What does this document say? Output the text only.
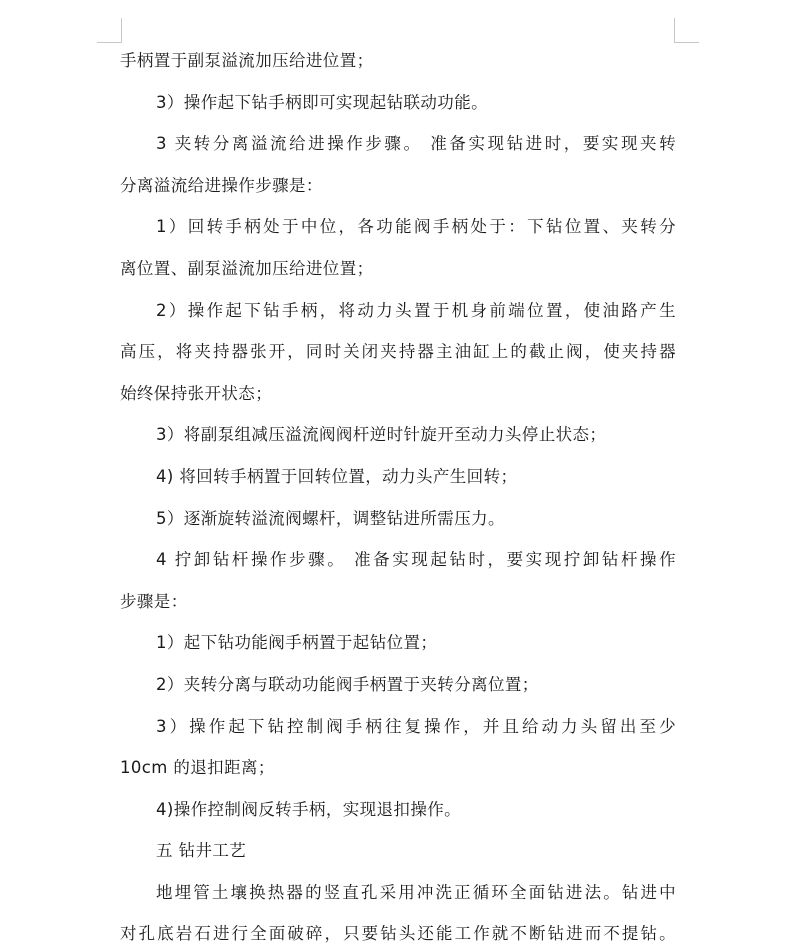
手柄置于副泵溢流加压给进位置；
3）操作起下钻手柄即可实现起钻联动功能。
3 夹转分离溢流给进操作步骤。 准备实现钻进时，要实现夹转
分离溢流给进操作步骤是：
1）回转手柄处于中位，各功能阀手柄处于：下钻位置、夹转分
离位置、副泵溢流加压给进位置；
2）操作起下钻手柄，将动力头置于机身前端位置，使油路产生
高压，将夹持器张开，同时关闭夹持器主油缸上的截止阀，使夹持器
始终保持张开状态；
3）将副泵组减压溢流阀阀杆逆时针旋开至动力头停止状态；
4) 将回转手柄置于回转位置，动力头产生回转；
5）逐渐旋转溢流阀螺杆，调整钻进所需压力。
4 拧卸钻杆操作步骤。 准备实现起钻时，要实现拧卸钻杆操作
步骤是：
1）起下钻功能阀手柄置于起钻位置；
2）夹转分离与联动功能阀手柄置于夹转分离位置；
3）操作起下钻控制阀手柄往复操作，并且给动力头留出至少
10cm 的退扣距离；
4)操作控制阀反转手柄，实现退扣操作。
五 钻井工艺
地埋管土壤换热器的竖直孔采用冲洗正循环全面钻进法。钻进中
对孔底岩石进行全面破碎，只要钻头还能工作就不断钻进而不提钻。
